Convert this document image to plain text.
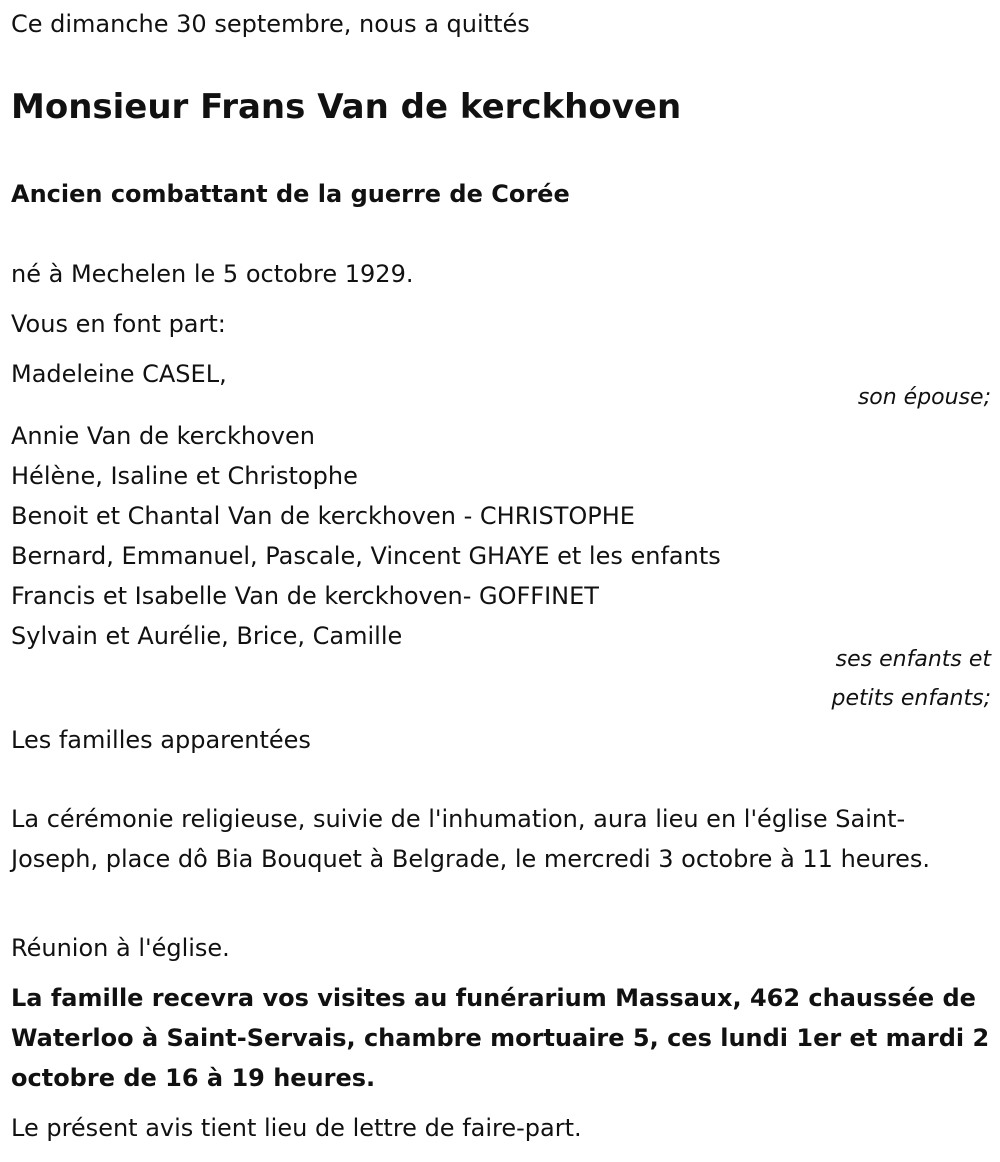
Ce dimanche 30 septembre, nous a quittés
Monsieur Frans Van de kerckhoven
Ancien combattant de la guerre de Corée
né à Mechelen le 5 octobre 1929.
Vous en font part:
Madeleine CASEL,
son épouse;

Annie Van de kerckhoven

Hélène, Isaline et Christophe

Benoit et Chantal Van de kerckhoven - CHRISTOPHE

Bernard, Emmanuel, Pascale, Vincent GHAYE et les enfants

Francis et Isabelle Van de kerckhoven- GOFFINET

Sylvain et Aurélie, Brice, Camille

ses enfants et
petits enfants;
Les familles apparentées

La cérémonie religieuse, suivie de l'inhumation, aura lieu en l'église Saint-Joseph, place dô Bia Bouquet à Belgrade, le mercredi 3 octobre à 11 heures.

Réunion à l'église.

La famille recevra vos visites au funérarium Massaux, 462 chaussée de Waterloo à Saint-Servais, chambre mortuaire 5, ces lundi 1er et mardi 2 octobre de 16 à 19 heures.

Le présent avis tient lieu de lettre de faire-part.
